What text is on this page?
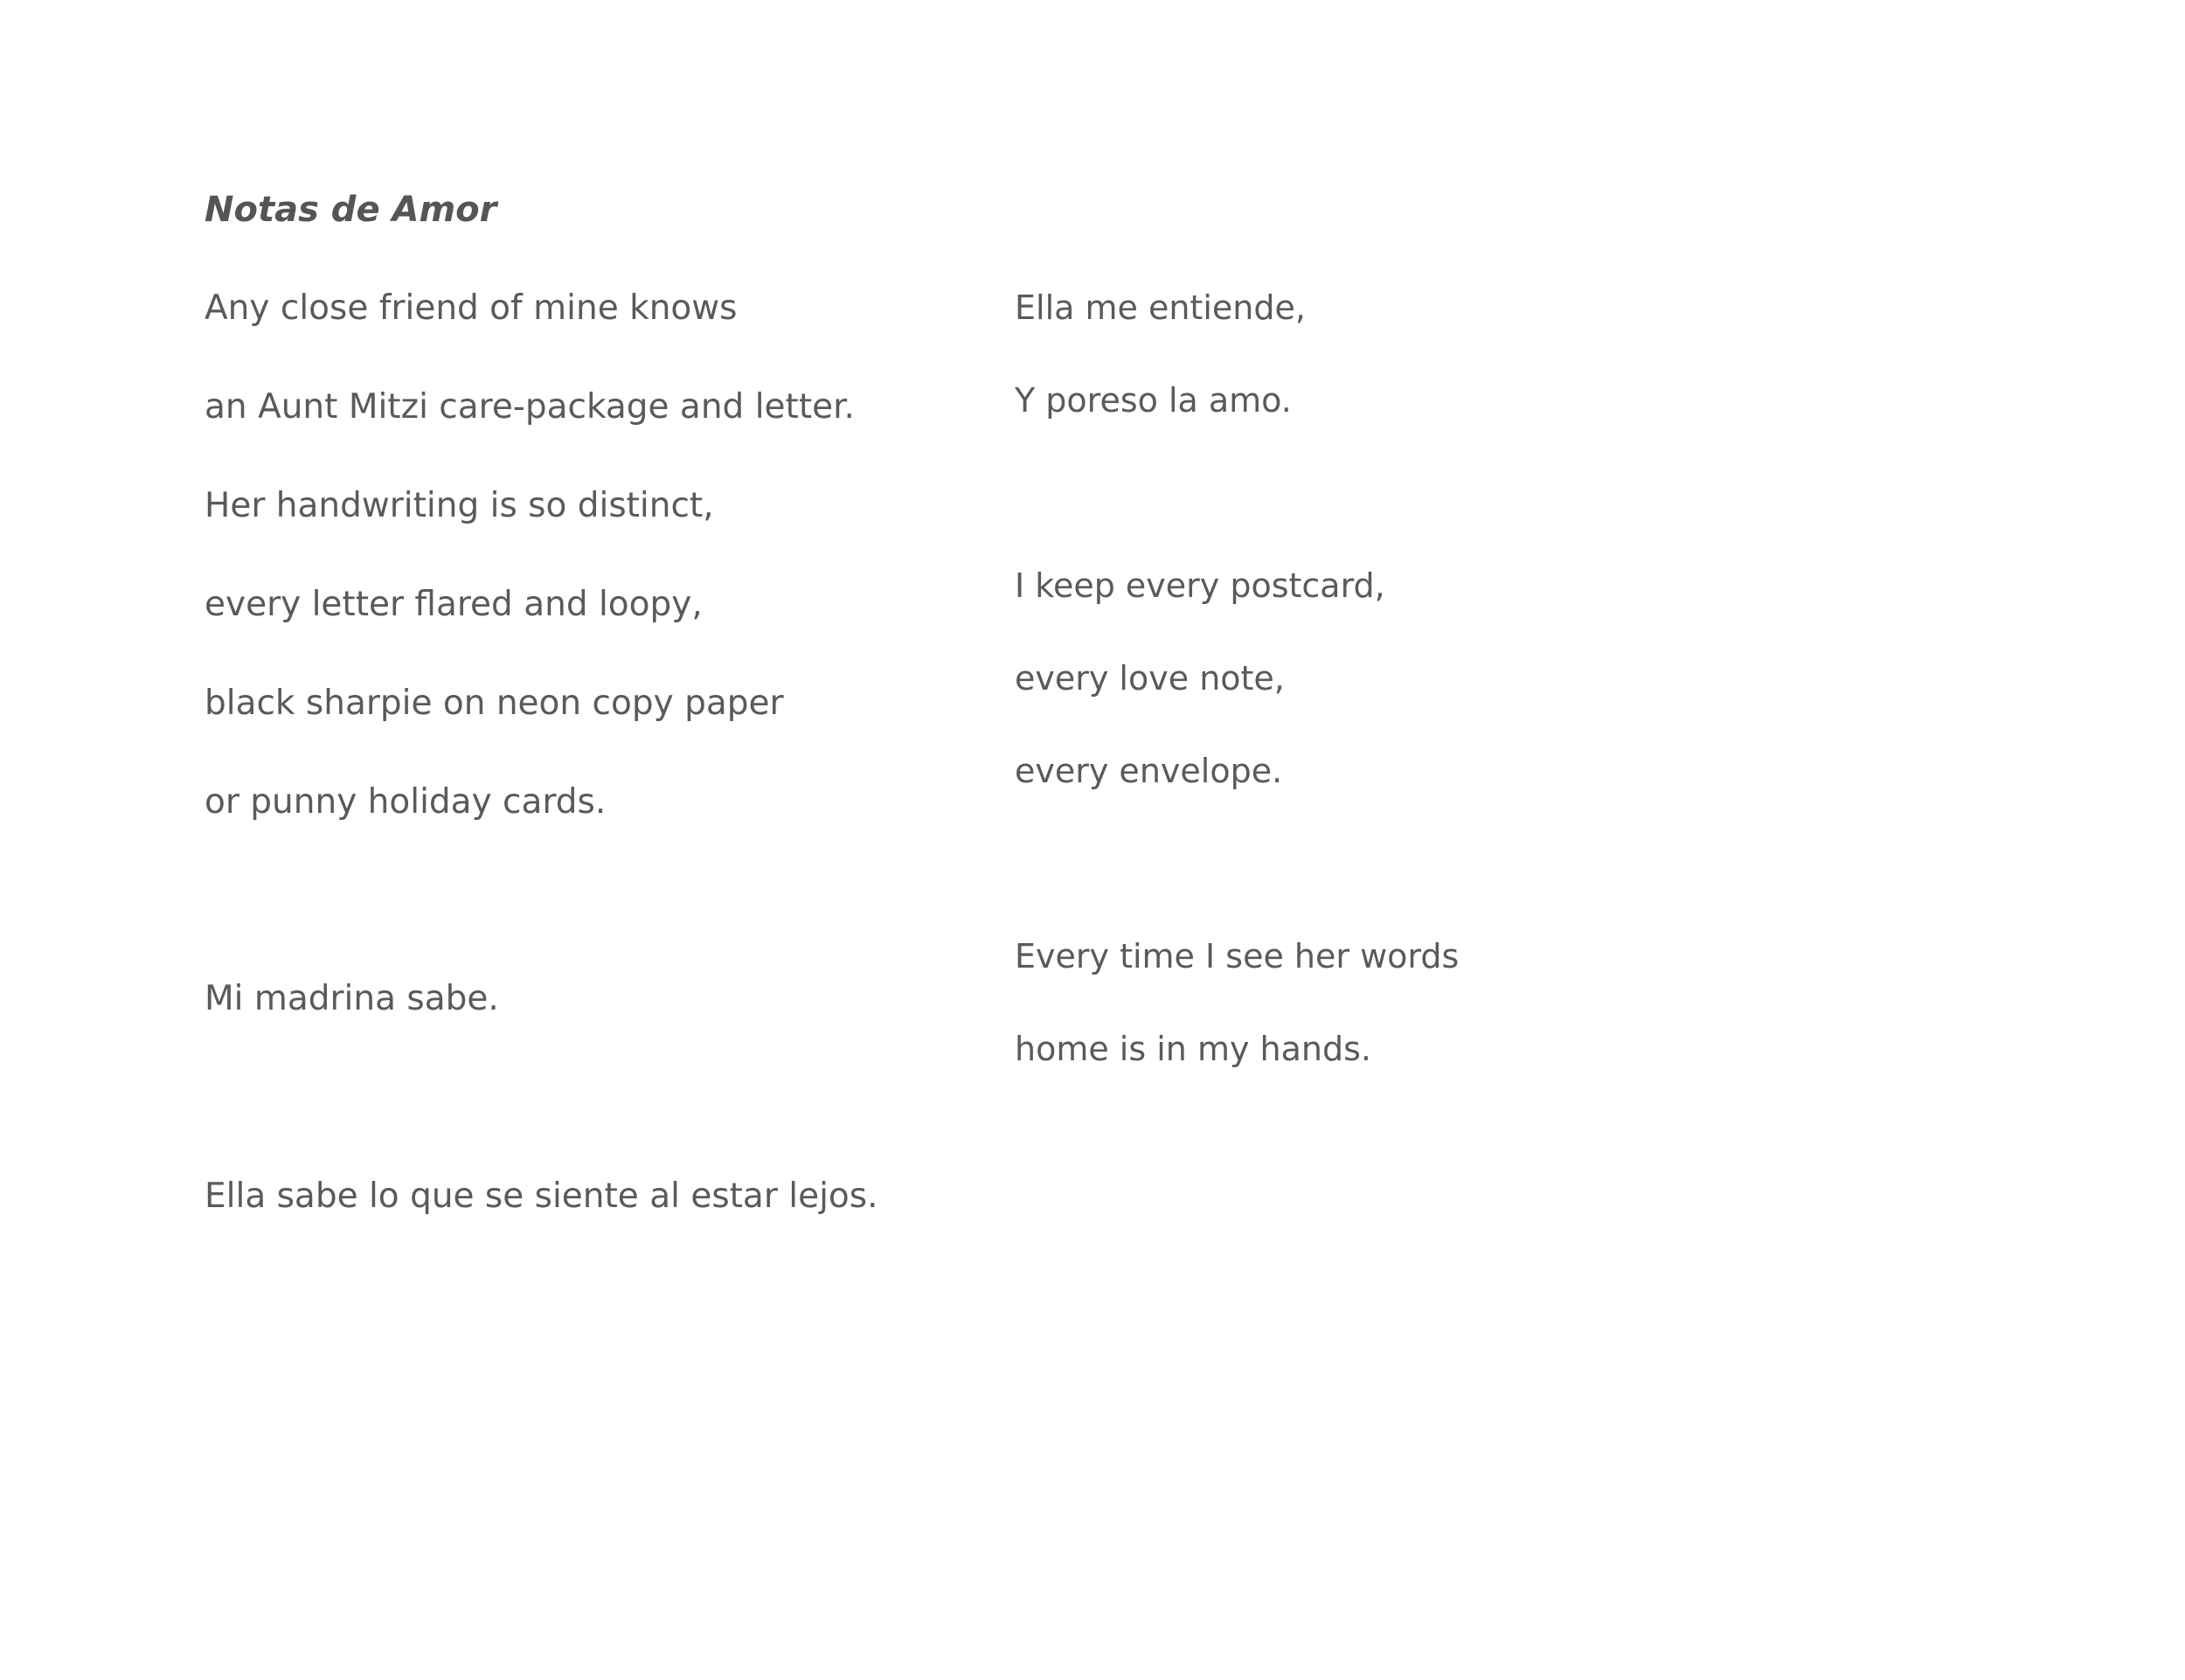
Notas de Amor

Any close friend of mine knows

an Aunt Mitzi care-package and letter.

Her handwriting is so distinct,

every letter flared and loopy,

black sharpie on neon copy paper

or punny holiday cards.

Mi madrina sabe.

Ella sabe lo que se siente al estar lejos.

Ella me entiende,

Y poreso la amo.

I keep every postcard,

every love note,

every envelope.

Every time I see her words

home is in my hands.
